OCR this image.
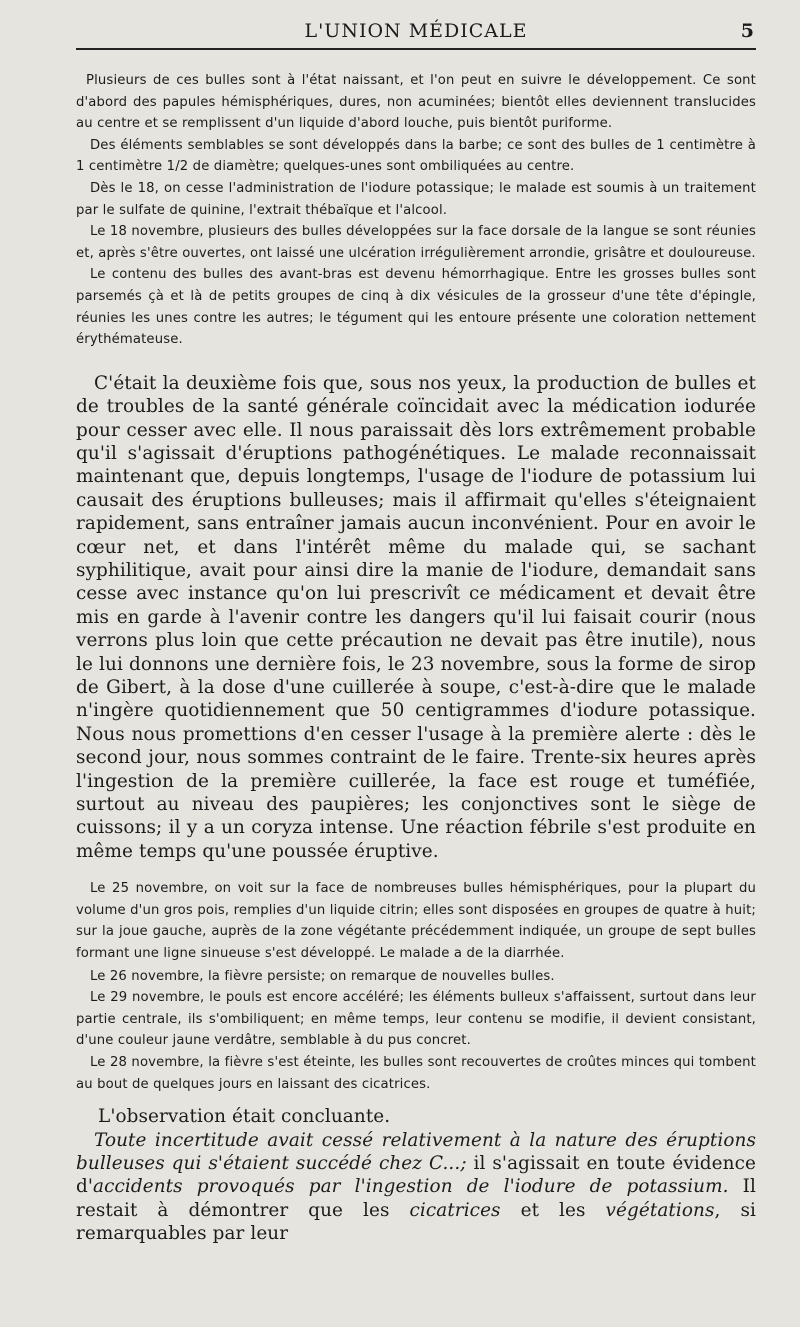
L'UNION MÉDICALE	5

Plusieurs de ces bulles sont à l'état naissant, et l'on peut en suivre le développement. Ce sont d'abord des papules hémisphériques, dures, non acuminées; bientôt elles deviennent translucides au centre et se remplissent d'un liquide d'abord louche, puis bientôt puriforme.

Des éléments semblables se sont développés dans la barbe; ce sont des bulles de 1 centimètre à 1 centimètre 1/2 de diamètre; quelques-unes sont ombiliquées au centre.

Dès le 18, on cesse l'administration de l'iodure potassique; le malade est soumis à un traitement par le sulfate de quinine, l'extrait thébaïque et l'alcool.

Le 18 novembre, plusieurs des bulles développées sur la face dorsale de la langue se sont réunies et, après s'être ouvertes, ont laissé une ulcération irrégulièrement arrondie, grisâtre et douloureuse.

Le contenu des bulles des avant-bras est devenu hémorrhagique. Entre les grosses bulles sont parsemés çà et là de petits groupes de cinq à dix vésicules de la grosseur d'une tête d'épingle, réunies les unes contre les autres; le tégument qui les entoure présente une coloration nettement érythémateuse.

C'était la deuxième fois que, sous nos yeux, la production de bulles et de troubles de la santé générale coïncidait avec la médication iodurée pour cesser avec elle. Il nous paraissait dès lors extrêmement probable qu'il s'agissait d'éruptions pathogénétiques. Le malade reconnaissait maintenant que, depuis longtemps, l'usage de l'iodure de potassium lui causait des éruptions bulleuses; mais il affirmait qu'elles s'éteignaient rapidement, sans entraîner jamais aucun inconvénient. Pour en avoir le cœur net, et dans l'intérêt même du malade qui, se sachant syphilitique, avait pour ainsi dire la manie de l'iodure, demandait sans cesse avec instance qu'on lui prescrivît ce médicament et devait être mis en garde à l'avenir contre les dangers qu'il lui faisait courir (nous verrons plus loin que cette précaution ne devait pas être inutile), nous le lui donnons une dernière fois, le 23 novembre, sous la forme de sirop de Gibert, à la dose d'une cuillerée à soupe, c'est-à-dire que le malade n'ingère quotidiennement que 50 centigrammes d'iodure potassique. Nous nous promettions d'en cesser l'usage à la première alerte : dès le second jour, nous sommes contraint de le faire. Trente-six heures après l'ingestion de la première cuillerée, la face est rouge et tuméfiée, surtout au niveau des paupières; les conjonctives sont le siège de cuissons; il y a un coryza intense. Une réaction fébrile s'est produite en même temps qu'une poussée éruptive.

Le 25 novembre, on voit sur la face de nombreuses bulles hémisphériques, pour la plupart du volume d'un gros pois, remplies d'un liquide citrin; elles sont disposées en groupes de quatre à huit; sur la joue gauche, auprès de la zone végétante précédemment indiquée, un groupe de sept bulles formant une ligne sinueuse s'est développé. Le malade a de la diarrhée.

Le 26 novembre, la fièvre persiste; on remarque de nouvelles bulles.

Le 29 novembre, le pouls est encore accéléré; les éléments bulleux s'affaissent, surtout dans leur partie centrale, ils s'ombiliquent; en même temps, leur contenu se modifie, il devient consistant, d'une couleur jaune verdâtre, semblable à du pus concret.

Le 28 novembre, la fièvre s'est éteinte, les bulles sont recouvertes de croûtes minces qui tombent au bout de quelques jours en laissant des cicatrices.

L'observation était concluante.

Toute incertitude avait cessé relativement à la nature des éruptions bulleuses qui s'étaient succédé chez C...; il s'agissait en toute évidence d'accidents provoqués par l'ingestion de l'iodure de potassium. Il restait à démontrer que les cicatrices et les végétations, si remarquables par leur
